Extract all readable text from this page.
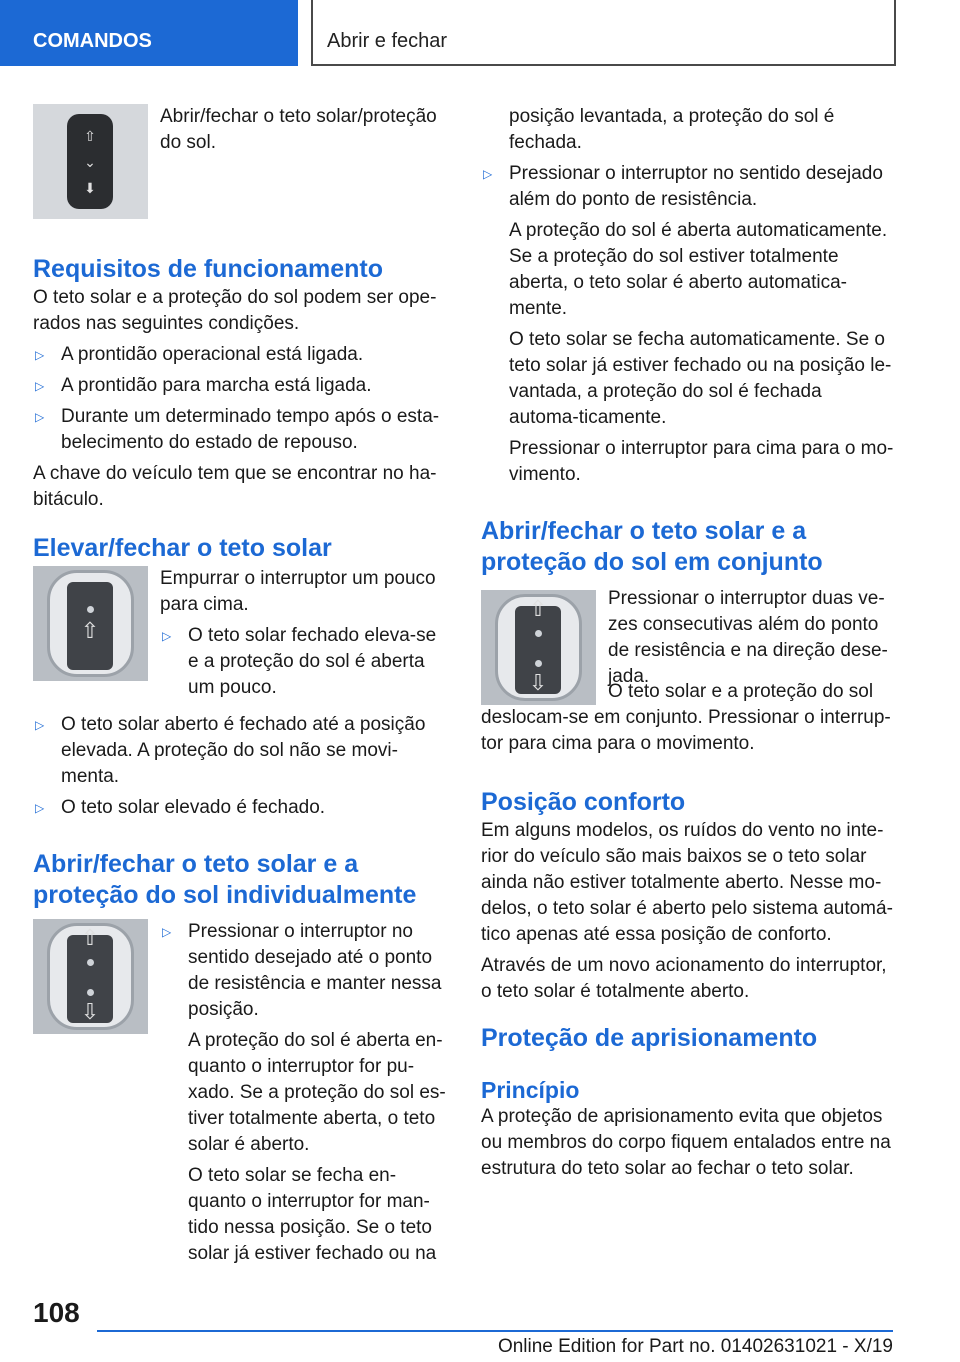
COMANDOS	Abrir e fechar
⇧
⌄
⬇
Abrir/fechar o teto solar/proteção do sol.
Requisitos de funcionamento
O teto solar e a proteção do sol podem ser ope-rados nas seguintes condições.
▷ A prontidão operacional está ligada.
▷ A prontidão para marcha está ligada.
▷ Durante um determinado tempo após o esta-belecimento do estado de repouso.
A chave do veículo tem que se encontrar no ha-bitáculo.
Elevar/fechar o teto solar
⇧
Empurrar o interruptor um pouco para cima.
▷ O teto solar fechado eleva-se e a proteção do sol é aberta um pouco.
▷ O teto solar aberto é fechado até a posição elevada. A proteção do sol não se movi-menta.
▷ O teto solar elevado é fechado.
Abrir/fechar o teto solar e a proteção do sol individualmente
⇧
⇩
▷ Pressionar o interruptor no sentido desejado até o ponto de resistência e manter nessa posição.
A proteção do sol é aberta en-quanto o interruptor for pu-xado. Se a proteção do sol es-tiver totalmente aberta, o teto solar é aberto.
O teto solar se fecha en-quanto o interruptor for man-tido nessa posição. Se o teto solar já estiver fechado ou na
posição levantada, a proteção do sol é fechada.
▷ Pressionar o interruptor no sentido desejado além do ponto de resistência.
A proteção do sol é aberta automaticamente. Se a proteção do sol estiver totalmente aberta, o teto solar é aberto automatica-mente.
O teto solar se fecha automaticamente. Se o teto solar já estiver fechado ou na posição le-vantada, a proteção do sol é fechada automa-ticamente.
Pressionar o interruptor para cima para o mo-vimento.
Abrir/fechar o teto solar e a proteção do sol em conjunto
⇧
⇩
Pressionar o interruptor duas ve-zes consecutivas além do ponto de resistência e na direção dese-jada.
O teto solar e a proteção do sol deslocam-se em conjunto. Pressionar o interrup-tor para cima para o movimento.
Posição conforto
Em alguns modelos, os ruídos do vento no inte-rior do veículo são mais baixos se o teto solar ainda não estiver totalmente aberto. Nesse mo-delos, o teto solar é aberto pelo sistema automá-tico apenas até essa posição de conforto.
Através de um novo acionamento do interruptor, o teto solar é totalmente aberto.
Proteção de aprisionamento
Princípio
A proteção de aprisionamento evita que objetos ou membros do corpo fiquem entalados entre na estrutura do teto solar ao fechar o teto solar.
108
Online Edition for Part no. 01402631021 - X/19
